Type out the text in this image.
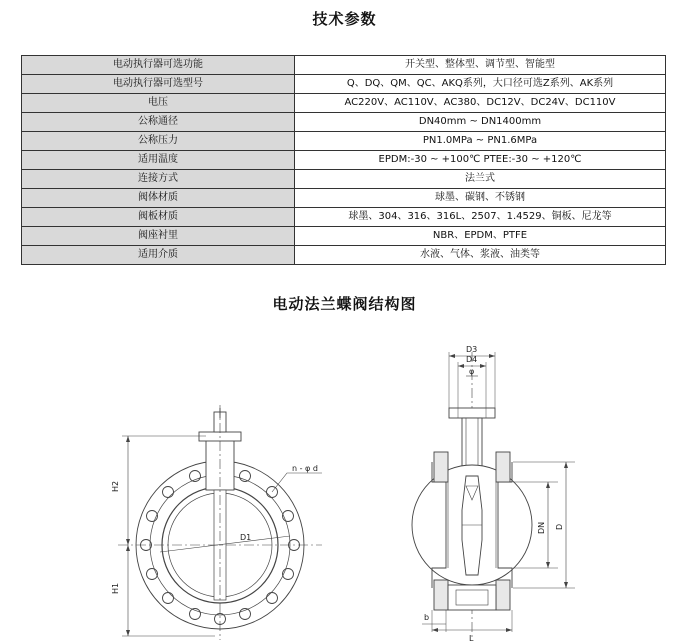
技术参数
电动执行器可选功能	开关型、整体型、调节型、智能型
电动执行器可选型号	Q、DQ、QM、QC、AKQ系列，大口径可选Z系列、AK系列
电压	AC220V、AC110V、AC380、DC12V、DC24V、DC110V
公称通径	DN40mm ~ DN1400mm
公称压力	PN1.0MPa ~ PN1.6MPa
适用温度	EPDM:-30 ~ +100℃ PTEE:-30 ~ +120℃
连接方式	法兰式
阀体材质	球墨、碳钢、不锈钢
阀板材质	球墨、304、316、316L、2507、1.4529、铜板、尼龙等
阀座衬里	NBR、EPDM、PTFE
适用介质	水液、气体、浆液、油类等
电动法兰蝶阀结构图
H2
H1
D1
n - φ d
D3
D4
φ
DN D
b
L
